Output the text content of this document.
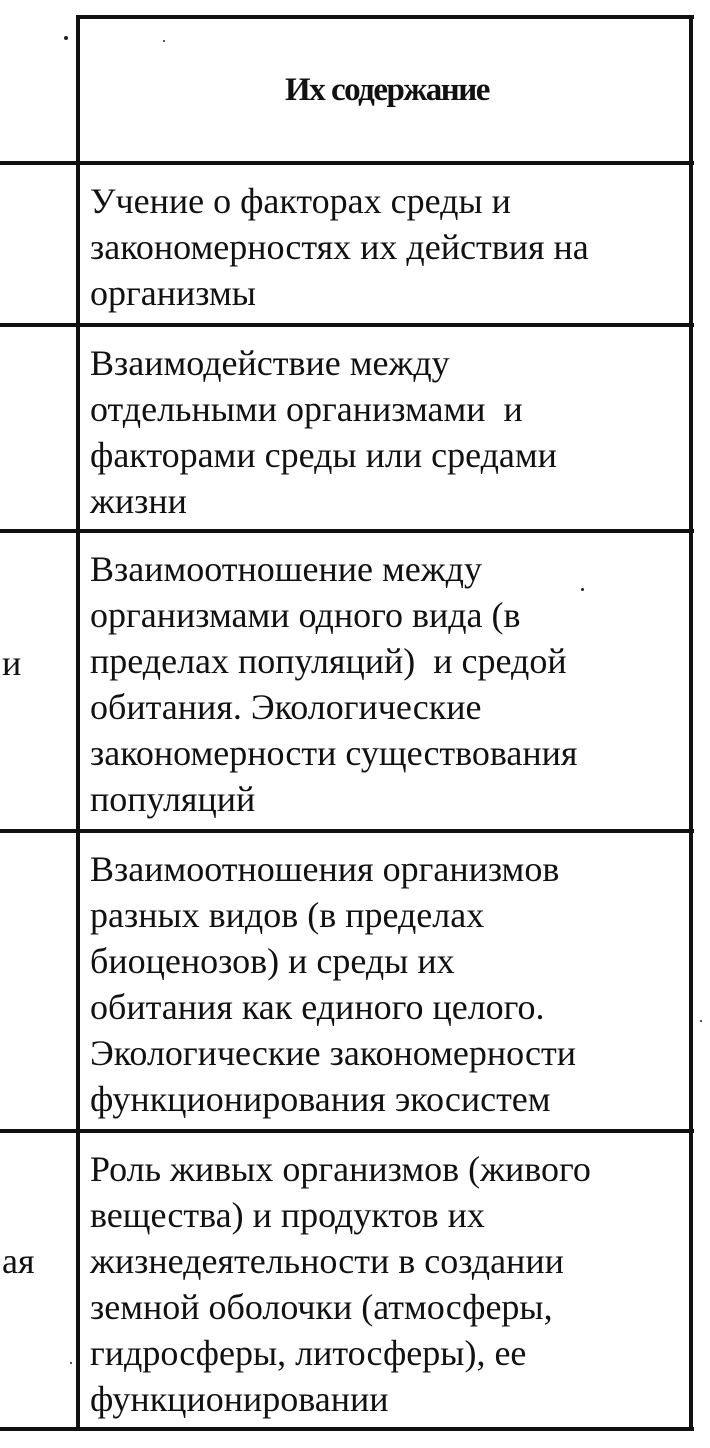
Их содержание
и
ая
Учение о факторах среды и
закономерностях их действия на
организмы
Взаимодействие между
отдельными организмами  и
факторами среды или средами
жизни
Взаимоотношение между
организмами одного вида (в
пределах популяций)  и средой
обитания. Экологические
закономерности существования
популяций
Взаимоотношения организмов
разных видов (в пределах
биоценозов) и среды их
обитания как единого целого.
Экологические закономерности
функционирования экосистем
Роль живых организмов (живого
вещества) и продуктов их
жизнедеятельности в создании
земной оболочки (атмосферы,
гидросферы, литосферы), ее
функционировании
